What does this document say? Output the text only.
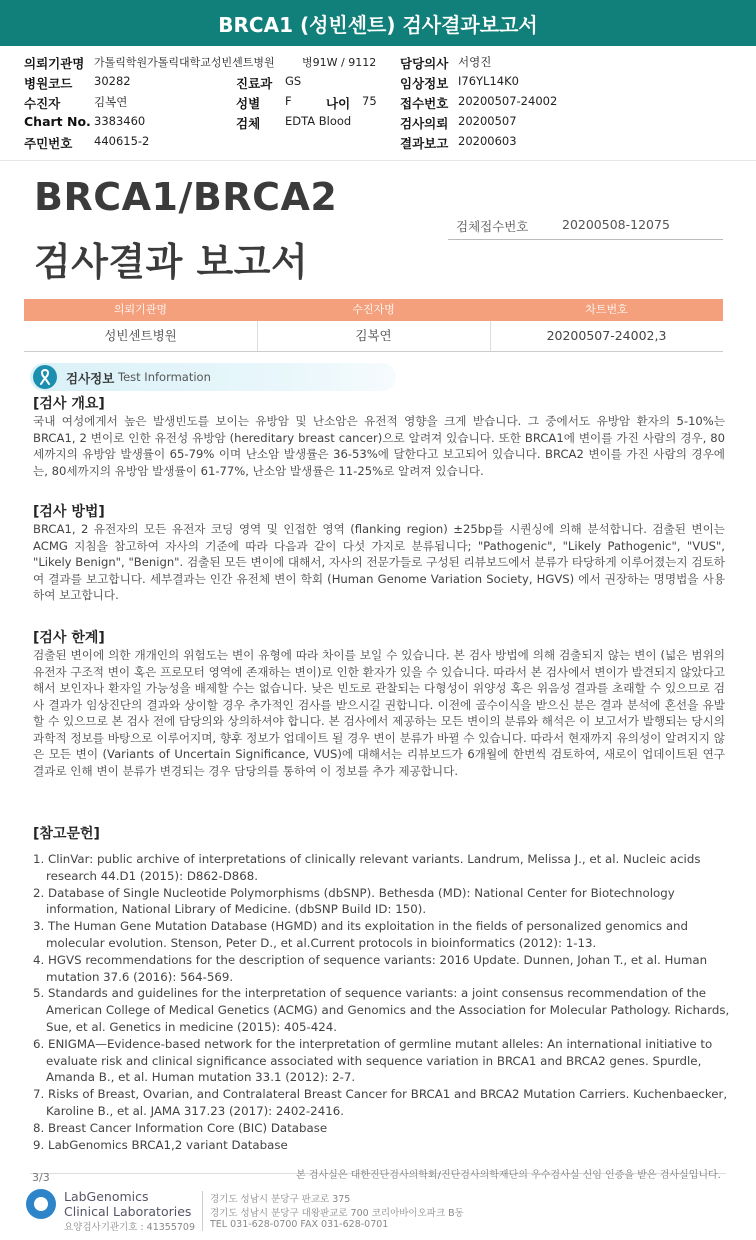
BRCA1 (성빈센트) 검사결과보고서
의뢰기관명 가톨릭학원가톨릭대학교성빈센트병원 병91W / 9112 담당의사 서영진
병원코드 30282	진료과 GS	임상정보 I76YL14K0
수진자	김복연	성별 F	나이 75 접수번호 20200507-24002
Chart No. 3383460	검체 EDTA Blood	검사의뢰 20200507
주민번호 440615-2	결과보고 20200603
BRCA1/BRCA2
검사결과 보고서
검체접수번호	20200508-12075
의뢰기관명	수진자명	차트번호
성빈센트병원	김복연	20200507-24002,3
검사정보 Test Information
[검사 개요]
국내 여성에게서 높은 발생빈도를 보이는 유방암 및 난소암은 유전적 영향을 크게 받습니다. 그 중에서도 유방암 환자의 5-10%는 BRCA1, 2 변이로 인한 유전성 유방암 (hereditary breast cancer)으로 알려져 있습니다. 또한 BRCA1에 변이를 가진 사람의 경우, 80세까지의 유방암 발생률이 65-79% 이며 난소암 발생률은 36-53%에 달한다고 보고되어 있습니다. BRCA2 변이를 가진 사람의 경우에는, 80세까지의 유방암 발생률이 61-77%, 난소암 발생률은 11-25%로 알려져 있습니다.
[검사 방법]
BRCA1, 2 유전자의 모든 유전자 코딩 영역 및 인접한 영역 (flanking region) ±25bp를 시퀀싱에 의해 분석합니다. 검출된 변이는 ACMG 지침을 참고하여 자사의 기준에 따라 다음과 같이 다섯 가지로 분류됩니다; "Pathogenic", "Likely Pathogenic", "VUS", "Likely Benign", "Benign". 검출된 모든 변이에 대해서, 자사의 전문가들로 구성된 리뷰보드에서 분류가 타당하게 이루어졌는지 검토하여 결과를 보고합니다. 세부결과는 인간 유전체 변이 학회 (Human Genome Variation Society, HGVS) 에서 권장하는 명명법을 사용하여 보고합니다.
[검사 한계]
검출된 변이에 의한 개개인의 위험도는 변이 유형에 따라 차이를 보일 수 있습니다. 본 검사 방법에 의해 검출되지 않는 변이 (넓은 범위의 유전자 구조적 변이 혹은 프로모터 영역에 존재하는 변이)로 인한 환자가 있을 수 있습니다. 따라서 본 검사에서 변이가 발견되지 않았다고 해서 보인자나 환자일 가능성을 배제할 수는 없습니다. 낮은 빈도로 관찰되는 다형성이 위양성 혹은 위음성 결과를 초래할 수 있으므로 검사 결과가 임상진단의 결과와 상이할 경우 추가적인 검사를 받으시길 권합니다. 이전에 골수이식을 받으신 분은 결과 분석에 혼선을 유발할 수 있으므로 본 검사 전에 담당의와 상의하셔야 합니다. 본 검사에서 제공하는 모든 변이의 분류와 해석은 이 보고서가 발행되는 당시의 과학적 정보를 바탕으로 이루어지며, 향후 정보가 업데이트 될 경우 변이 분류가 바뀔 수 있습니다. 따라서 현재까지 유의성이 알려지지 않은 모든 변이 (Variants of Uncertain Significance, VUS)에 대해서는 리뷰보드가 6개월에 한번씩 검토하여, 새로이 업데이트된 연구 결과로 인해 변이 분류가 변경되는 경우 담당의를 통하여 이 정보를 추가 제공합니다.
[참고문헌]

1. ClinVar: public archive of interpretations of clinically relevant variants. Landrum, Melissa J., et al. Nucleic acids research 44.D1 (2015): D862-D868.

2. Database of Single Nucleotide Polymorphisms (dbSNP). Bethesda (MD): National Center for Biotechnology information, National Library of Medicine. (dbSNP Build ID: 150).

3. The Human Gene Mutation Database (HGMD) and its exploitation in the fields of personalized genomics and molecular evolution. Stenson, Peter D., et al.Current protocols in bioinformatics (2012): 1-13.

4. HGVS recommendations for the description of sequence variants: 2016 Update. Dunnen, Johan T., et al. Human mutation 37.6 (2016): 564-569.

5. Standards and guidelines for the interpretation of sequence variants: a joint consensus recommendation of the American College of Medical Genetics (ACMG) and Genomics and the Association for Molecular Pathology. Richards, Sue, et al. Genetics in medicine (2015): 405-424.

6. ENIGMA—Evidence-based network for the interpretation of germline mutant alleles: An international initiative to evaluate risk and clinical significance associated with sequence variation in BRCA1 and BRCA2 genes. Spurdle, Amanda B., et al. Human mutation 33.1 (2012): 2-7.

7. Risks of Breast, Ovarian, and Contralateral Breast Cancer for BRCA1 and BRCA2 Mutation Carriers. Kuchenbaecker, Karoline B., et al. JAMA 317.23 (2017): 2402-2416.

8. Breast Cancer Information Core (BIC) Database

9. LabGenomics BRCA1,2 variant Database

3/3	본 검사실은 대한진단검사의학회/진단검사의학재단의 우수검사실 신임 인증을 받은 검사실입니다.
LabGenomics
Clinical Laboratories
요양검사기관기호 : 41355709
경기도 성남시 분당구 판교로 375
경기도 성남시 분당구 대왕판교로 700 코리아바이오파크 B동
TEL 031-628-0700 FAX 031-628-0701
